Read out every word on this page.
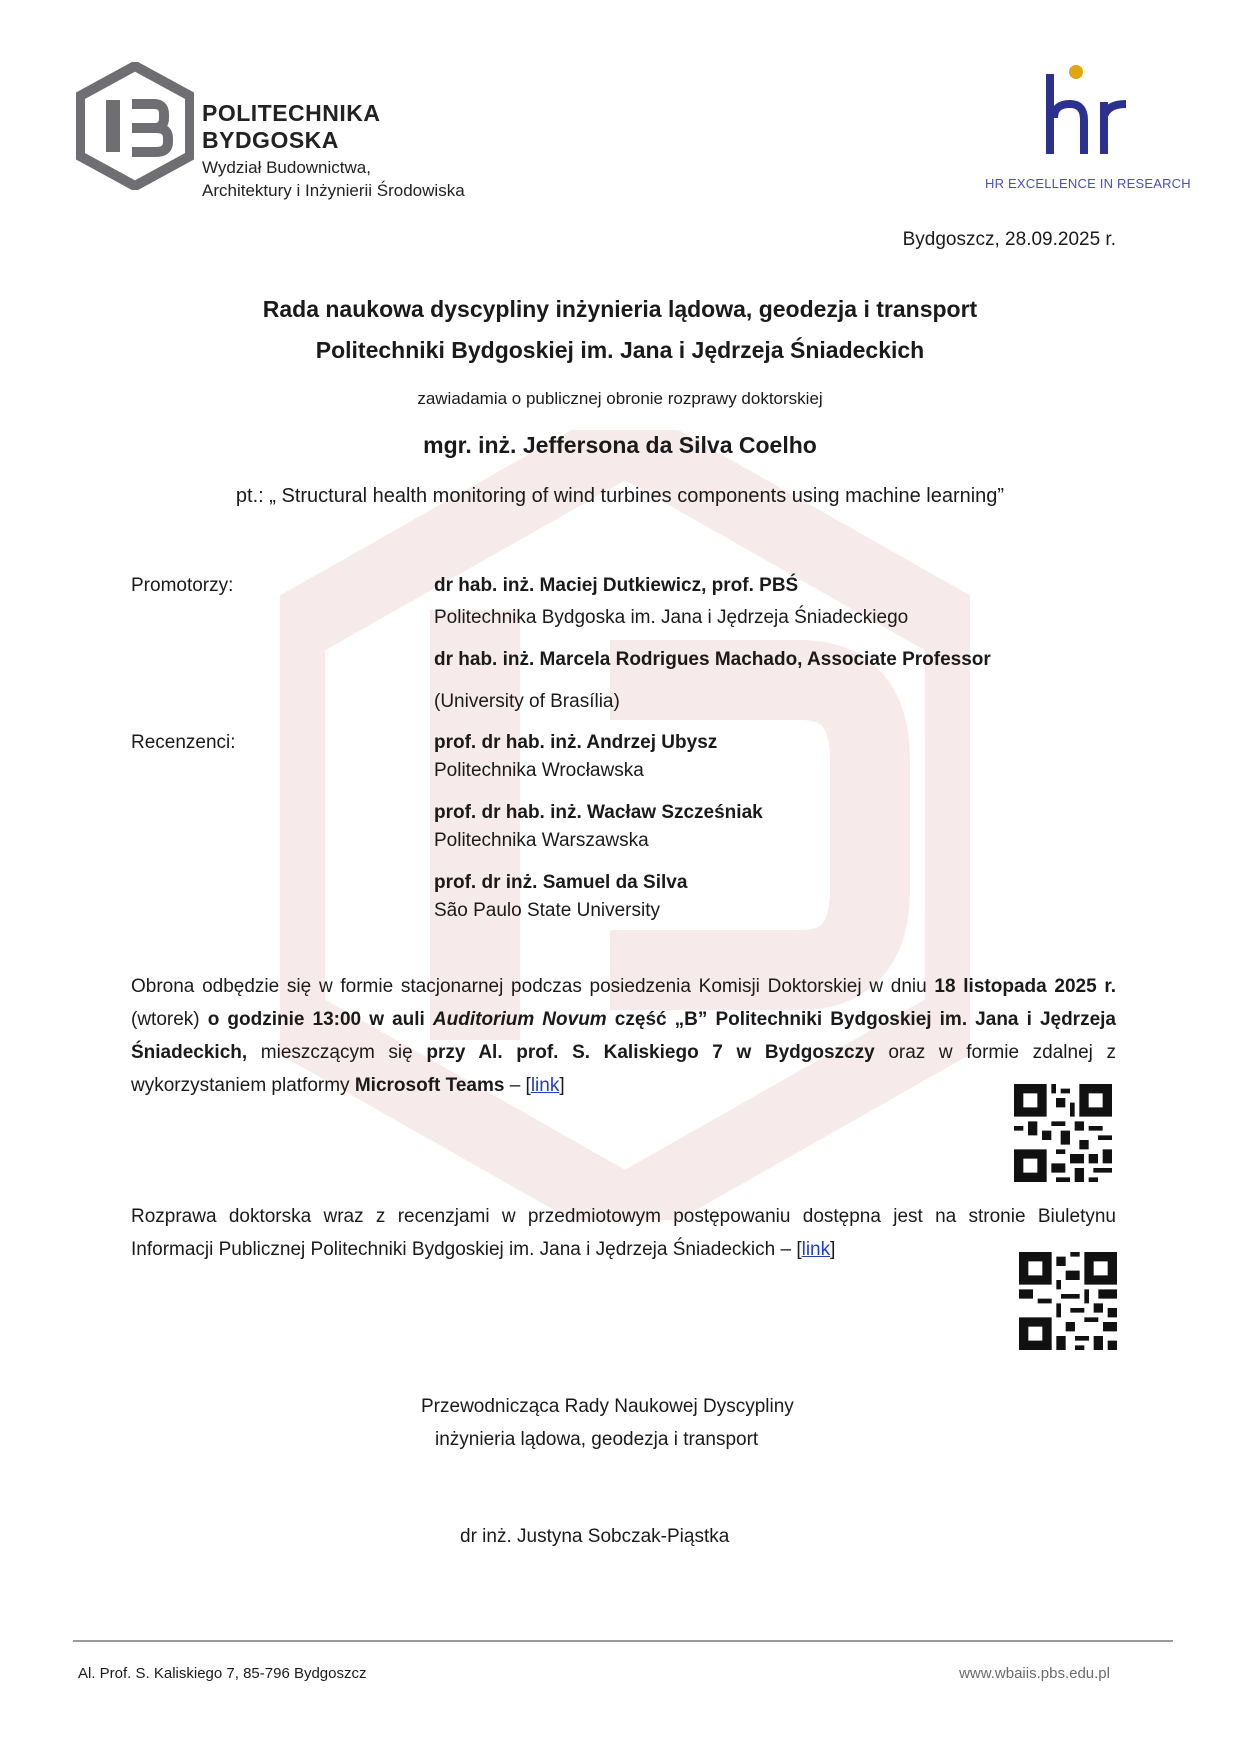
POLITECHNIKA
BYDGOSKA
Wydział Budownictwa,
Architektury i Inżynierii Środowiska	HR EXCELLENCE IN RESEARCH
Bydgoszcz, 28.09.2025 r.
Rada naukowa dyscypliny inżynieria lądowa, geodezja i transport
Politechniki Bydgoskiej im. Jana i Jędrzeja Śniadeckich
zawiadamia o publicznej obronie rozprawy doktorskiej
mgr. inż. Jeffersona da Silva Coelho
pt.: „ Structural health monitoring of wind turbines components using machine learning”
Promotorzy:	dr hab. inż. Maciej Dutkiewicz, prof. PBŚ
Politechnika Bydgoska im. Jana i Jędrzeja Śniadeckiego
dr hab. inż. Marcela Rodrigues Machado, Associate Professor
(University of Brasília)
Recenzenci:	prof. dr hab. inż. Andrzej Ubysz
Politechnika Wrocławska
prof. dr hab. inż. Wacław Szcześniak
Politechnika Warszawska
prof. dr inż. Samuel da Silva
São Paulo State University
Obrona odbędzie się w formie stacjonarnej podczas posiedzenia Komisji Doktorskiej w dniu 18 listopada 2025 r. (wtorek) o godzinie 13:00 w auli Auditorium Novum część „B” Politechniki Bydgoskiej im. Jana i Jędrzeja Śniadeckich, mieszczącym się przy Al. prof. S. Kaliskiego 7 w Bydgoszczy oraz w formie zdalnej z wykorzystaniem platformy Microsoft Teams – [link]
Rozprawa doktorska wraz z recenzjami w przedmiotowym postępowaniu dostępna jest na stronie Biuletynu Informacji Publicznej Politechniki Bydgoskiej im. Jana i Jędrzeja Śniadeckich – [link]
Przewodnicząca Rady Naukowej Dyscypliny
inżynieria lądowa, geodezja i transport
dr inż. Justyna Sobczak-Piąstka
Al. Prof. S. Kaliskiego 7, 85-796 Bydgoszcz	www.wbaiis.pbs.edu.pl
